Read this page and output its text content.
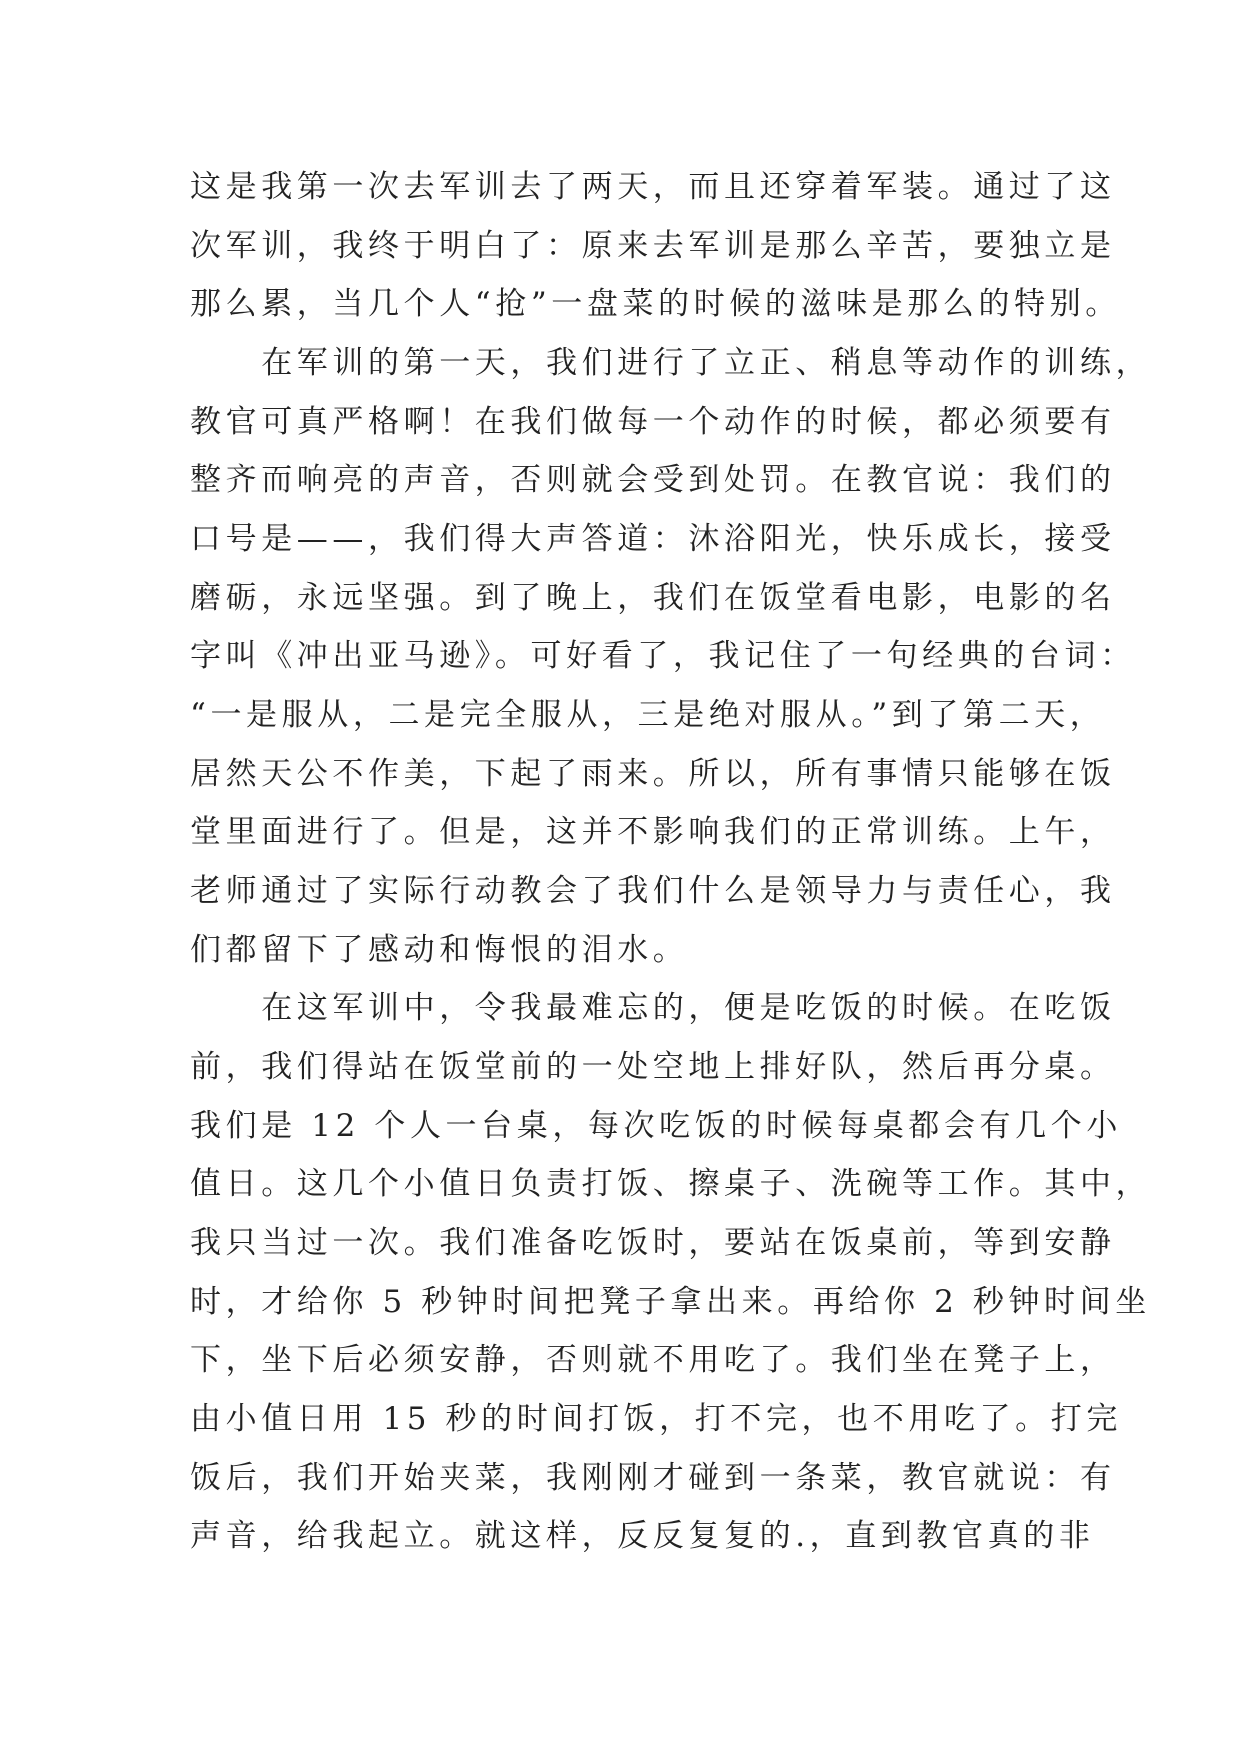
这是我第一次去军训去了两天，而且还穿着军装。通过了这
次军训，我终于明白了：原来去军训是那么辛苦，要独立是
那么累，当几个人“抢”一盘菜的时候的滋味是那么的特别。
　　在军训的第一天，我们进行了立正、稍息等动作的训练，
教官可真严格啊！在我们做每一个动作的时候，都必须要有
整齐而响亮的声音，否则就会受到处罚。在教官说：我们的
口号是——，我们得大声答道：沐浴阳光，快乐成长，接受
磨砺，永远坚强。到了晚上，我们在饭堂看电影，电影的名
字叫《冲出亚马逊》。可好看了，我记住了一句经典的台词：
“一是服从，二是完全服从，三是绝对服从。”到了第二天，
居然天公不作美，下起了雨来。所以，所有事情只能够在饭
堂里面进行了。但是，这并不影响我们的正常训练。上午，
老师通过了实际行动教会了我们什么是领导力与责任心，我
们都留下了感动和悔恨的泪水。
　　在这军训中，令我最难忘的，便是吃饭的时候。在吃饭
前，我们得站在饭堂前的一处空地上排好队，然后再分桌。
我们是 12 个人一台桌，每次吃饭的时候每桌都会有几个小
值日。这几个小值日负责打饭、擦桌子、洗碗等工作。其中，
我只当过一次。我们准备吃饭时，要站在饭桌前，等到安静
时，才给你 5 秒钟时间把凳子拿出来。再给你 2 秒钟时间坐
下，坐下后必须安静，否则就不用吃了。我们坐在凳子上，
由小值日用 15 秒的时间打饭，打不完，也不用吃了。打完
饭后，我们开始夹菜，我刚刚才碰到一条菜，教官就说：有
声音，给我起立。就这样，反反复复的.，直到教官真的非
